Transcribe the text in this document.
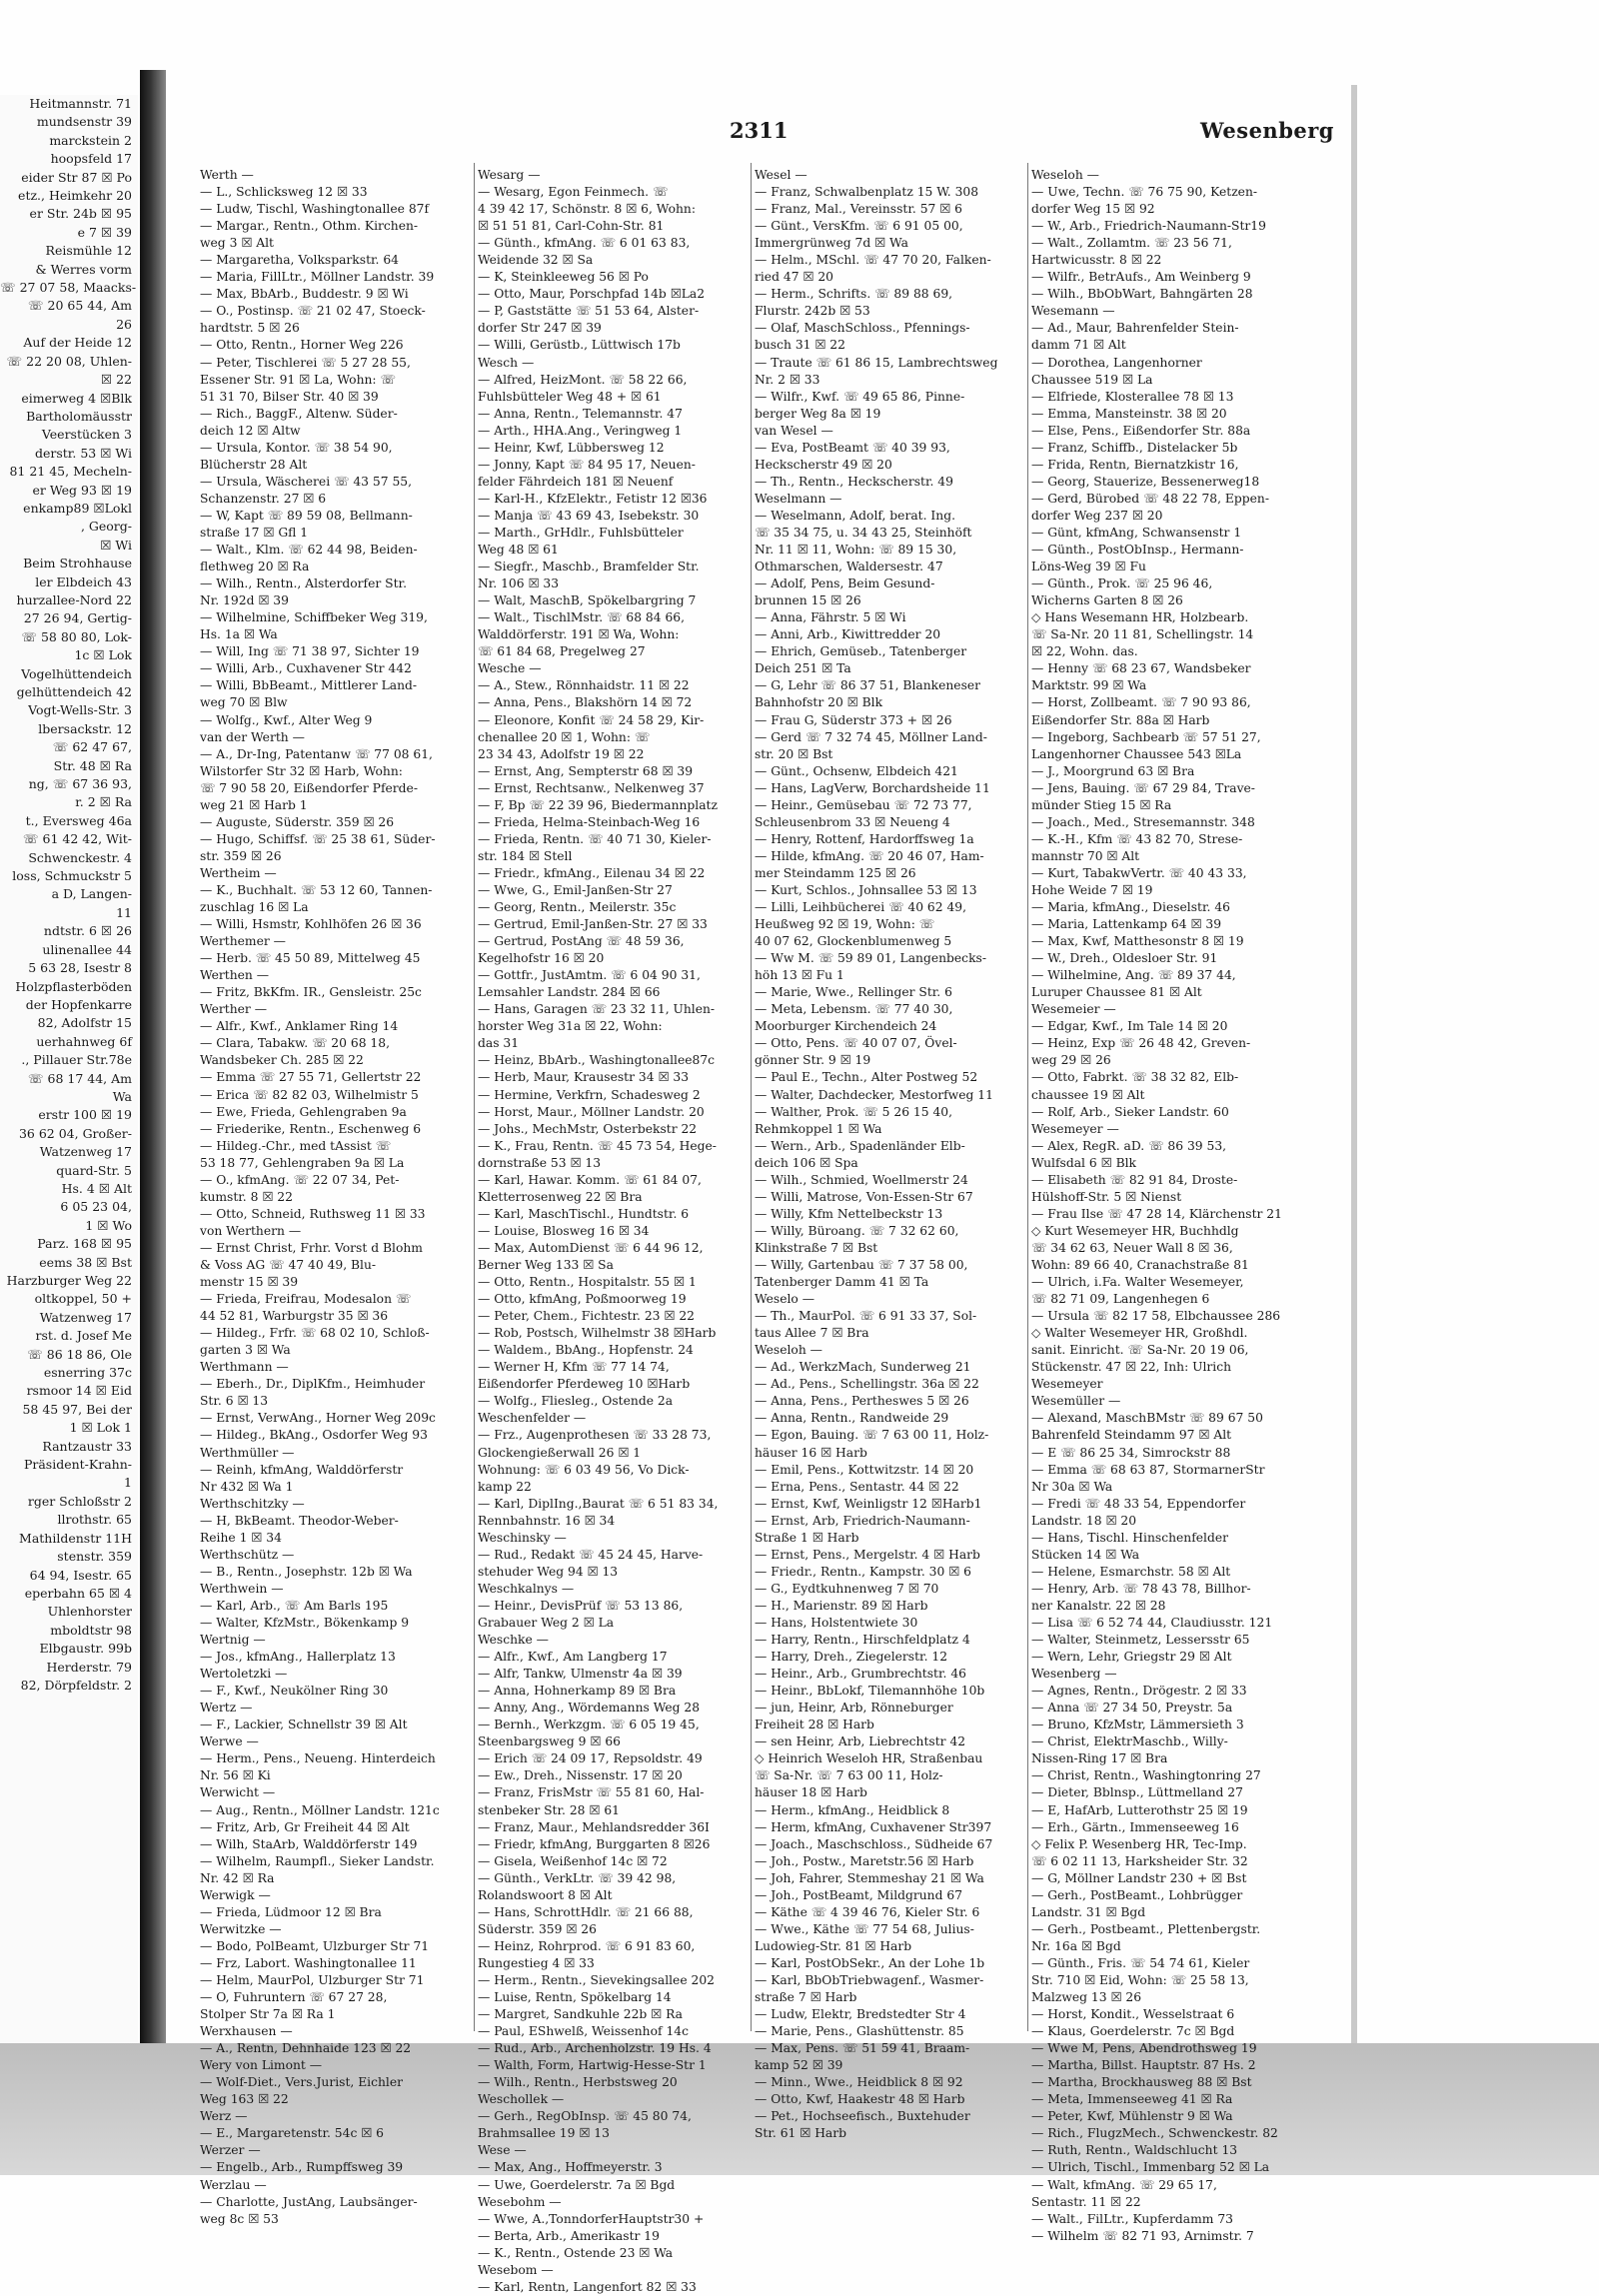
Heitmannstr. 71
mundsenstr 39
marckstein 2
hoopsfeld 17
eider Str 87 ☒ Po
etz., Heimkehr 20
er Str. 24b ☒ 95
e 7 ☒ 39
Reismühle 12
& Werres vorm
☏ 27 07 58, Maacks-
☏ 20 65 44, Am
26
Auf der Heide 12
☏ 22 20 08, Uhlen-
☒ 22
eimerweg 4 ☒Blk
Bartholomäusstr
Veerstücken 3
derstr. 53 ☒ Wi
81 21 45, Mecheln-
er Weg 93 ☒ 19
enkamp89 ☒Lokl
, Georg-
☒ Wi
Beim Strohhause
ler Elbdeich 43
hurzallee-Nord 22
27 26 94, Gertig-
☏ 58 80 80, Lok-
1c ☒ Lok
Vogelhüttendeich
gelhüttendeich 42
Vogt-Wells-Str. 3
lbersackstr. 12
☏ 62 47 67,
Str. 48 ☒ Ra
ng, ☏ 67 36 93,
r. 2 ☒ Ra
t., Eversweg 46a
☏ 61 42 42, Wit-
Schwenckestr. 4
loss, Schmuckstr 5
a D, Langen-
11
ndtstr. 6 ☒ 26
ulinenallee 44
5 63 28, Isestr 8
Holzpflasterböden
der Hopfenkarre
82, Adolfstr 15
uerhahnweg 6f
., Pillauer Str.78e
☏ 68 17 44, Am
Wa
erstr 100 ☒ 19
36 62 04, Großer-
Watzenweg 17
quard-Str. 5
Hs. 4 ☒ Alt
6 05 23 04,
1 ☒ Wo
Parz. 168 ☒ 95
eems 38 ☒ Bst
Harzburger Weg 22
oltkoppel, 50 +
Watzenweg 17
rst. d. Josef Me
☏ 86 18 86, Ole
esnerring 37c
rsmoor 14 ☒ Eid
58 45 97, Bei der
1 ☒ Lok 1
Rantzaustr 33
Präsident-Krahn-
1
rger Schloßstr 2
llrothstr. 65
Mathildenstr 11H
stenstr. 359
64 94, Isestr. 65
eperbahn 65 ☒ 4
Uhlenhorster
mboldtstr 98
Elbgaustr. 99b
Herderstr. 79
82, Dörpfeldstr. 2
2311	Wesenberg
Werth —
— L., Schlicksweg 12 ☒ 33
— Ludw, Tischl, Washingtonallee 87f
— Margar., Rentn., Othm. Kirchen-
weg 3 ☒ Alt
— Margaretha, Volksparkstr. 64
— Maria, FillLtr., Möllner Landstr. 39
— Max, BbArb., Buddestr. 9 ☒ Wi
— O., Postinsp. ☏ 21 02 47, Stoeck-
hardtstr. 5 ☒ 26
— Otto, Rentn., Horner Weg 226
— Peter, Tischlerei ☏ 5 27 28 55,
Essener Str. 91 ☒ La, Wohn: ☏
51 31 70, Bilser Str. 40 ☒ 39
— Rich., BaggF., Altenw. Süder-
deich 12 ☒ Altw
— Ursula, Kontor. ☏ 38 54 90,
Blücherstr 28 Alt
— Ursula, Wäscherei ☏ 43 57 55,
Schanzenstr. 27 ☒ 6
— W, Kapt ☏ 89 59 08, Bellmann-
straße 17 ☒ Gfl 1
— Walt., Klm. ☏ 62 44 98, Beiden-
flethweg 20 ☒ Ra
— Wilh., Rentn., Alsterdorfer Str.
Nr. 192d ☒ 39
— Wilhelmine, Schiffbeker Weg 319,
Hs. 1a ☒ Wa
— Will, Ing ☏ 71 38 97, Sichter 19
— Willi, Arb., Cuxhavener Str 442
— Willi, BbBeamt., Mittlerer Land-
weg 70 ☒ Blw
— Wolfg., Kwf., Alter Weg 9
van der Werth —
— A., Dr-Ing, Patentanw ☏ 77 08 61,
Wilstorfer Str 32 ☒ Harb, Wohn:
☏ 7 90 58 20, Eißendorfer Pferde-
weg 21 ☒ Harb 1
— Auguste, Süderstr. 359 ☒ 26
— Hugo, Schiffsf. ☏ 25 38 61, Süder-
str. 359 ☒ 26
Wertheim —
— K., Buchhalt. ☏ 53 12 60, Tannen-
zuschlag 16 ☒ La
— Willi, Hsmstr, Kohlhöfen 26 ☒ 36
Werthemer —
— Herb. ☏ 45 50 89, Mittelweg 45
Werthen —
— Fritz, BkKfm. IR., Gensleistr. 25c
Werther —
— Alfr., Kwf., Anklamer Ring 14
— Clara, Tabakw. ☏ 20 68 18,
Wandsbeker Ch. 285 ☒ 22
— Emma ☏ 27 55 71, Gellertstr 22
— Erica ☏ 82 82 03, Wilhelmistr 5
— Ewe, Frieda, Gehlengraben 9a
— Friederike, Rentn., Eschenweg 6
— Hildeg.-Chr., med tAssist ☏
53 18 77, Gehlengraben 9a ☒ La
— O., kfmAng. ☏ 22 07 34, Pet-
kumstr. 8 ☒ 22
— Otto, Schneid, Ruthsweg 11 ☒ 33
von Werthern —
— Ernst Christ, Frhr. Vorst d Blohm
& Voss AG ☏ 47 40 49, Blu-
menstr 15 ☒ 39
— Frieda, Freifrau, Modesalon ☏
44 52 81, Warburgstr 35 ☒ 36
— Hildeg., Frfr. ☏ 68 02 10, Schloß-
garten 3 ☒ Wa
Werthmann —
— Eberh., Dr., DiplKfm., Heimhuder
Str. 6 ☒ 13
— Ernst, VerwAng., Horner Weg 209c
— Hildeg., BkAng., Osdorfer Weg 93
Werthmüller —
— Reinh, kfmAng, Walddörferstr
Nr 432 ☒ Wa 1
Werthschitzky —
— H, BkBeamt. Theodor-Weber-
Reihe 1 ☒ 34
Werthschütz —
— B., Rentn., Josephstr. 12b ☒ Wa
Werthwein —
— Karl, Arb., ☏ Am Barls 195
— Walter, KfzMstr., Bökenkamp 9
Wertnig —
— Jos., kfmAng., Hallerplatz 13
Wertoletzki —
— F., Kwf., Neukölner Ring 30
Wertz —
— F., Lackier, Schnellstr 39 ☒ Alt
Werwe —
— Herm., Pens., Neueng. Hinterdeich
Nr. 56 ☒ Ki
Werwicht —
— Aug., Rentn., Möllner Landstr. 121c
— Fritz, Arb, Gr Freiheit 44 ☒ Alt
— Wilh, StaArb, Walddörferstr 149
— Wilhelm, Raumpfl., Sieker Landstr.
Nr. 42 ☒ Ra
Werwigk —
— Frieda, Lüdmoor 12 ☒ Bra
Werwitzke —
— Bodo, PolBeamt, Ulzburger Str 71
— Frz, Labort. Washingtonallee 11
— Helm, MaurPol, Ulzburger Str 71
— O, Fuhruntern ☏ 67 27 28,
Stolper Str 7a ☒ Ra 1
Werxhausen —
— A., Rentn, Dehnhaide 123 ☒ 22
Wery von Limont —
— Wolf-Diet., Vers.Jurist, Eichler
Weg 163 ☒ 22
Werz —
— E., Margaretenstr. 54c ☒ 6
Werzer —
— Engelb., Arb., Rumpffsweg 39
Werzlau —
— Charlotte, JustAng, Laubsänger-
weg 8c ☒ 53
Wesarg —
— Wesarg, Egon Feinmech. ☏
4 39 42 17, Schönstr. 8 ☒ 6, Wohn:
☒ 51 51 81, Carl-Cohn-Str. 81
— Günth., kfmAng. ☏ 6 01 63 83,
Weidende 32 ☒ Sa
— K, Steinkleeweg 56 ☒ Po
— Otto, Maur, Porschpfad 14b ☒La2
— P, Gaststätte ☏ 51 53 64, Alster-
dorfer Str 247 ☒ 39
— Willi, Gerüstb., Lüttwisch 17b
Wesch —
— Alfred, HeizMont. ☏ 58 22 66,
Fuhlsbütteler Weg 48 + ☒ 61
— Anna, Rentn., Telemannstr. 47
— Arth., HHA.Ang., Veringweg 1
— Heinr, Kwf, Lübbersweg 12
— Jonny, Kapt ☏ 84 95 17, Neuen-
felder Fährdeich 181 ☒ Neuenf
— Karl-H., KfzElektr., Fetistr 12 ☒36
— Manja ☏ 43 69 43, Isebekstr. 30
— Marth., GrHdlr., Fuhlsbütteler
Weg 48 ☒ 61
— Siegfr., Maschb., Bramfelder Str.
Nr. 106 ☒ 33
— Walt, MaschB, Spökelbargring 7
— Walt., TischlMstr. ☏ 68 84 66,
Walddörferstr. 191 ☒ Wa, Wohn:
☏ 61 84 68, Pregelweg 27
Wesche —
— A., Stew., Rönnhaidstr. 11 ☒ 22
— Anna, Pens., Blakshörn 14 ☒ 72
— Eleonore, Konfit ☏ 24 58 29, Kir-
chenallee 20 ☒ 1, Wohn: ☏
23 34 43, Adolfstr 19 ☒ 22
— Ernst, Ang, Sempterstr 68 ☒ 39
— Ernst, Rechtsanw., Nelkenweg 37
— F, Bp ☏ 22 39 96, Biedermannplatz
— Frieda, Helma-Steinbach-Weg 16
— Frieda, Rentn. ☏ 40 71 30, Kieler-
str. 184 ☒ Stell
— Friedr., kfmAng., Eilenau 34 ☒ 22
— Wwe, G., Emil-Janßen-Str 27
— Georg, Rentn., Meilerstr. 35c
— Gertrud, Emil-Janßen-Str. 27 ☒ 33
— Gertrud, PostAng ☏ 48 59 36,
Kegelhofstr 16 ☒ 20
— Gottfr., JustAmtm. ☏ 6 04 90 31,
Lemsahler Landstr. 284 ☒ 66
— Hans, Garagen ☏ 23 32 11, Uhlen-
horster Weg 31a ☒ 22, Wohn:
das 31
— Heinz, BbArb., Washingtonallee87c
— Herb, Maur, Krausestr 34 ☒ 33
— Hermine, Verkfrn, Schadesweg 2
— Horst, Maur., Möllner Landstr. 20
— Johs., MechMstr, Osterbekstr 22
— K., Frau, Rentn. ☏ 45 73 54, Hege-
dornstraße 53 ☒ 13
— Karl, Hawar. Komm. ☏ 61 84 07,
Kletterrosenweg 22 ☒ Bra
— Karl, MaschTischl., Hundtstr. 6
— Louise, Blosweg 16 ☒ 34
— Max, AutomDienst ☏ 6 44 96 12,
Berner Weg 133 ☒ Sa
— Otto, Rentn., Hospitalstr. 55 ☒ 1
— Otto, kfmAng, Poßmoorweg 19
— Peter, Chem., Fichtestr. 23 ☒ 22
— Rob, Postsch, Wilhelmstr 38 ☒Harb
— Waldem., BbAng., Hopfenstr. 24
— Werner H, Kfm ☏ 77 14 74,
Eißendorfer Pferdeweg 10 ☒Harb
— Wolfg., Fliesleg., Ostende 2a
Weschenfelder —
— Frz., Augenprothesen ☏ 33 28 73,
Glockengießerwall 26 ☒ 1
Wohnung: ☏ 6 03 49 56, Vo Dick-
kamp 22
— Karl, DiplIng.,Baurat ☏ 6 51 83 34,
Rennbahnstr. 16 ☒ 34
Weschinsky —
— Rud., Redakt ☏ 45 24 45, Harve-
stehuder Weg 94 ☒ 13
Weschkalnys —
— Heinr., DevisPrüf ☏ 53 13 86,
Grabauer Weg 2 ☒ La
Weschke —
— Alfr., Kwf., Am Langberg 17
— Alfr, Tankw, Ulmenstr 4a ☒ 39
— Anna, Hohnerkamp 89 ☒ Bra
— Anny, Ang., Wördemanns Weg 28
— Bernh., Werkzgm. ☏ 6 05 19 45,
Steenbargsweg 9 ☒ 66
— Erich ☏ 24 09 17, Repsoldstr. 49
— Ew., Dreh., Nissenstr. 17 ☒ 20
— Franz, FrisMstr ☏ 55 81 60, Hal-
stenbeker Str. 28 ☒ 61
— Franz, Maur., Mehlandsredder 36I
— Friedr, kfmAng, Burggarten 8 ☒26
— Gisela, Weißenhof 14c ☒ 72
— Günth., VerkLtr. ☏ 39 42 98,
Rolandswoort 8 ☒ Alt
— Hans, SchrottHdlr. ☏ 21 66 88,
Süderstr. 359 ☒ 26
— Heinz, Rohrprod. ☏ 6 91 83 60,
Rungestieg 4 ☒ 33
— Herm., Rentn., Sievekingsallee 202
— Luise, Rentn, Spökelbarg 14
— Margret, Sandkuhle 22b ☒ Ra
— Paul, EShwelß, Weissenhof 14c
— Rud., Arb., Archenholzstr. 19 Hs. 4
— Walth, Form, Hartwig-Hesse-Str 1
— Wilh., Rentn., Herbstsweg 20
Weschollek —
— Gerh., RegObInsp. ☏ 45 80 74,
Brahmsallee 19 ☒ 13
Wese —
— Max, Ang., Hoffmeyerstr. 3
— Uwe, Goerdelerstr. 7a ☒ Bgd
Wesebohm —
— Wwe, A.,TonndorferHauptstr30 +
— Berta, Arb., Amerikastr 19
— K., Rentn., Ostende 23 ☒ Wa
Wesebom —
— Karl, Rentn, Langenfort 82 ☒ 33
Wesel —
— Franz, Schwalbenplatz 15 W. 308
— Franz, Mal., Vereinsstr. 57 ☒ 6
— Günt., VersKfm. ☏ 6 91 05 00,
Immergrünweg 7d ☒ Wa
— Helm., MSchl. ☏ 47 70 20, Falken-
ried 47 ☒ 20
— Herm., Schrifts. ☏ 89 88 69,
Flurstr. 242b ☒ 53
— Olaf, MaschSchloss., Pfennings-
busch 31 ☒ 22
— Traute ☏ 61 86 15, Lambrechtsweg
Nr. 2 ☒ 33
— Wilfr., Kwf. ☏ 49 65 86, Pinne-
berger Weg 8a ☒ 19
van Wesel —
— Eva, PostBeamt ☏ 40 39 93,
Heckscherstr 49 ☒ 20
— Th., Rentn., Heckscherstr. 49
Weselmann —
— Weselmann, Adolf, berat. Ing.
☏ 35 34 75, u. 34 43 25, Steinhöft
Nr. 11 ☒ 11, Wohn: ☏ 89 15 30,
Othmarschen, Waldersestr. 47
— Adolf, Pens, Beim Gesund-
brunnen 15 ☒ 26
— Anna, Fährstr. 5 ☒ Wi
— Anni, Arb., Kiwittredder 20
— Ehrich, Gemüseb., Tatenberger
Deich 251 ☒ Ta
— G, Lehr ☏ 86 37 51, Blankeneser
Bahnhofstr 20 ☒ Blk
— Frau G, Süderstr 373 + ☒ 26
— Gerd ☏ 7 32 74 45, Möllner Land-
str. 20 ☒ Bst
— Günt., Ochsenw, Elbdeich 421
— Hans, LagVerw, Borchardsheide 11
— Heinr., Gemüsebau ☏ 72 73 77,
Schleusenbrom 33 ☒ Neueng 4
— Henry, Rottenf, Hardorffsweg 1a
— Hilde, kfmAng. ☏ 20 46 07, Ham-
mer Steindamm 125 ☒ 26
— Kurt, Schlos., Johnsallee 53 ☒ 13
— Lilli, Leihbücherei ☏ 40 62 49,
Heußweg 92 ☒ 19, Wohn: ☏
40 07 62, Glockenblumenweg 5
— Ww M. ☏ 59 89 01, Langenbecks-
höh 13 ☒ Fu 1
— Marie, Wwe., Rellinger Str. 6
— Meta, Lebensm. ☏ 77 40 30,
Moorburger Kirchendeich 24
— Otto, Pens. ☏ 40 07 07, Övel-
gönner Str. 9 ☒ 19
— Paul E., Techn., Alter Postweg 52
— Walter, Dachdecker, Mestorfweg 11
— Walther, Prok. ☏ 5 26 15 40,
Rehmkoppel 1 ☒ Wa
— Wern., Arb., Spadenländer Elb-
deich 106 ☒ Spa
— Wilh., Schmied, Woellmerstr 24
— Willi, Matrose, Von-Essen-Str 67
— Willy, Kfm Nettelbeckstr 13
— Willy, Büroang. ☏ 7 32 62 60,
Klinkstraße 7 ☒ Bst
— Willy, Gartenbau ☏ 7 37 58 00,
Tatenberger Damm 41 ☒ Ta
Weselo —
— Th., MaurPol. ☏ 6 91 33 37, Sol-
taus Allee 7 ☒ Bra
Weseloh —
— Ad., WerkzMach, Sunderweg 21
— Ad., Pens., Schellingstr. 36a ☒ 22
— Anna, Pens., Pertheswes 5 ☒ 26
— Anna, Rentn., Randweide 29
— Egon, Bauing. ☏ 7 63 00 11, Holz-
häuser 16 ☒ Harb
— Emil, Pens., Kottwitzstr. 14 ☒ 20
— Erna, Pens., Sentastr. 44 ☒ 22
— Ernst, Kwf, Weinligstr 12 ☒Harb1
— Ernst, Arb, Friedrich-Naumann-
Straße 1 ☒ Harb
— Ernst, Pens., Mergelstr. 4 ☒ Harb
— Friedr., Rentn., Kampstr. 30 ☒ 6
— G., Eydtkuhnenweg 7 ☒ 70
— H., Marienstr. 89 ☒ Harb
— Hans, Holstentwiete 30
— Harry, Rentn., Hirschfeldplatz 4
— Harry, Dreh., Ziegelerstr. 12
— Heinr., Arb., Grumbrechtstr. 46
— Heinr., BbLokf, Tilemannhöhe 10b
— jun, Heinr, Arb, Rönneburger
Freiheit 28 ☒ Harb
— sen Heinr, Arb, Liebrechtstr 42
◇ Heinrich Weseloh HR, Straßenbau
☏ Sa-Nr. ☏ 7 63 00 11, Holz-
häuser 18 ☒ Harb
— Herm., kfmAng., Heidblick 8
— Herm, kfmAng, Cuxhavener Str397
— Joach., Maschschloss., Südheide 67
— Joh., Postw., Maretstr.56 ☒ Harb
— Joh, Fahrer, Stemmeshay 21 ☒ Wa
— Joh., PostBeamt, Mildgrund 67
— Käthe ☏ 4 39 46 76, Kieler Str. 6
— Wwe., Käthe ☏ 77 54 68, Julius-
Ludowieg-Str. 81 ☒ Harb
— Karl, PostObSekr., An der Lohe 1b
— Karl, BbObTriebwagenf., Wasmer-
straße 7 ☒ Harb
— Ludw, Elektr, Bredstedter Str 4
— Marie, Pens., Glashüttenstr. 85
— Max, Pens. ☏ 51 59 41, Braam-
kamp 52 ☒ 39
— Minn., Wwe., Heidblick 8 ☒ 92
— Otto, Kwf, Haakestr 48 ☒ Harb
— Pet., Hochseefisch., Buxtehuder
Str. 61 ☒ Harb
Weseloh —
— Uwe, Techn. ☏ 76 75 90, Ketzen-
dorfer Weg 15 ☒ 92
— W., Arb., Friedrich-Naumann-Str19
— Walt., Zollamtm. ☏ 23 56 71,
Hartwicusstr. 8 ☒ 22
— Wilfr., BetrAufs., Am Weinberg 9
— Wilh., BbObWart, Bahngärten 28
Wesemann —
— Ad., Maur, Bahrenfelder Stein-
damm 71 ☒ Alt
— Dorothea, Langenhorner
Chaussee 519 ☒ La
— Elfriede, Klosterallee 78 ☒ 13
— Emma, Mansteinstr. 38 ☒ 20
— Else, Pens., Eißendorfer Str. 88a
— Franz, Schiffb., Distelacker 5b
— Frida, Rentn, Biernatzkistr 16,
— Georg, Stauerize, Bessenerweg18
— Gerd, Bürobed ☏ 48 22 78, Eppen-
dorfer Weg 237 ☒ 20
— Günt, kfmAng, Schwansenstr 1
— Günth., PostObInsp., Hermann-
Löns-Weg 39 ☒ Fu
— Günth., Prok. ☏ 25 96 46,
Wicherns Garten 8 ☒ 26
◇ Hans Wesemann HR, Holzbearb.
☏ Sa-Nr. 20 11 81, Schellingstr. 14
☒ 22, Wohn. das.
— Henny ☏ 68 23 67, Wandsbeker
Marktstr. 99 ☒ Wa
— Horst, Zollbeamt. ☏ 7 90 93 86,
Eißendorfer Str. 88a ☒ Harb
— Ingeborg, Sachbearb ☏ 57 51 27,
Langenhorner Chaussee 543 ☒La
— J., Moorgrund 63 ☒ Bra
— Jens, Bauing. ☏ 67 29 84, Trave-
münder Stieg 15 ☒ Ra
— Joach., Med., Stresemannstr. 348
— K.-H., Kfm ☏ 43 82 70, Strese-
mannstr 70 ☒ Alt
— Kurt, TabakwVertr. ☏ 40 43 33,
Hohe Weide 7 ☒ 19
— Maria, kfmAng., Dieselstr. 46
— Maria, Lattenkamp 64 ☒ 39
— Max, Kwf, Matthesonstr 8 ☒ 19
— W., Dreh., Oldesloer Str. 91
— Wilhelmine, Ang. ☏ 89 37 44,
Luruper Chaussee 81 ☒ Alt
Wesemeier —
— Edgar, Kwf., Im Tale 14 ☒ 20
— Heinz, Exp ☏ 26 48 42, Greven-
weg 29 ☒ 26
— Otto, Fabrkt. ☏ 38 32 82, Elb-
chaussee 19 ☒ Alt
— Rolf, Arb., Sieker Landstr. 60
Wesemeyer —
— Alex, RegR. aD. ☏ 86 39 53,
Wulfsdal 6 ☒ Blk
— Elisabeth ☏ 82 91 84, Droste-
Hülshoff-Str. 5 ☒ Nienst
— Frau Ilse ☏ 47 28 14, Klärchenstr 21
◇ Kurt Wesemeyer HR, Buchhdlg
☏ 34 62 63, Neuer Wall 8 ☒ 36,
Wohn: 89 66 40, Cranachstraße 81
— Ulrich, i.Fa. Walter Wesemeyer,
☏ 82 71 09, Langenhegen 6
— Ursula ☏ 82 17 58, Elbchaussee 286
◇ Walter Wesemeyer HR, Großhdl.
sanit. Einricht. ☏ Sa-Nr. 20 19 06,
Stückenstr. 47 ☒ 22, Inh: Ulrich
Wesemeyer
Wesemüller —
— Alexand, MaschBMstr ☏ 89 67 50
Bahrenfeld Steindamm 97 ☒ Alt
— E ☏ 86 25 34, Simrockstr 88
— Emma ☏ 68 63 87, StormarnerStr
Nr 30a ☒ Wa
— Fredi ☏ 48 33 54, Eppendorfer
Landstr. 18 ☒ 20
— Hans, Tischl. Hinschenfelder
Stücken 14 ☒ Wa
— Helene, Esmarchstr. 58 ☒ Alt
— Henry, Arb. ☏ 78 43 78, Billhor-
ner Kanalstr. 22 ☒ 28
— Lisa ☏ 6 52 74 44, Claudiusstr. 121
— Walter, Steinmetz, Lessersstr 65
— Wern, Lehr, Griegstr 29 ☒ Alt
Wesenberg —
— Agnes, Rentn., Drögestr. 2 ☒ 33
— Anna ☏ 27 34 50, Preystr. 5a
— Bruno, KfzMstr, Lämmersieth 3
— Christ, ElektrMaschb., Willy-
Nissen-Ring 17 ☒ Bra
— Christ, Rentn., Washingtonring 27
— Dieter, Bblnsp., Lüttmelland 27
— E, HafArb, Lutterothstr 25 ☒ 19
— Erh., Gärtn., Immenseeweg 16
◇ Felix P. Wesenberg HR, Tec-Imp.
☏ 6 02 11 13, Harksheider Str. 32
— G, Möllner Landstr 230 + ☒ Bst
— Gerh., PostBeamt., Lohbrügger
Landstr. 31 ☒ Bgd
— Gerh., Postbeamt., Plettenbergstr.
Nr. 16a ☒ Bgd
— Günth., Fris. ☏ 54 74 61, Kieler
Str. 710 ☒ Eid, Wohn: ☏ 25 58 13,
Malzweg 13 ☒ 26
— Horst, Kondit., Wesselstraat 6
— Klaus, Goerdelerstr. 7c ☒ Bgd
— Wwe M, Pens, Abendrothsweg 19
— Martha, Billst. Hauptstr. 87 Hs. 2
— Martha, Brockhausweg 88 ☒ Bst
— Meta, Immenseeweg 41 ☒ Ra
— Peter, Kwf, Mühlenstr 9 ☒ Wa
— Rich., FlugzMech., Schwenckestr. 82
— Ruth, Rentn., Waldschlucht 13
— Ulrich, Tischl., Immenbarg 52 ☒ La
— Walt, kfmAng. ☏ 29 65 17,
Sentastr. 11 ☒ 22
— Walt., FilLtr., Kupferdamm 73
— Wilhelm ☏ 82 71 93, Arnimstr. 7
